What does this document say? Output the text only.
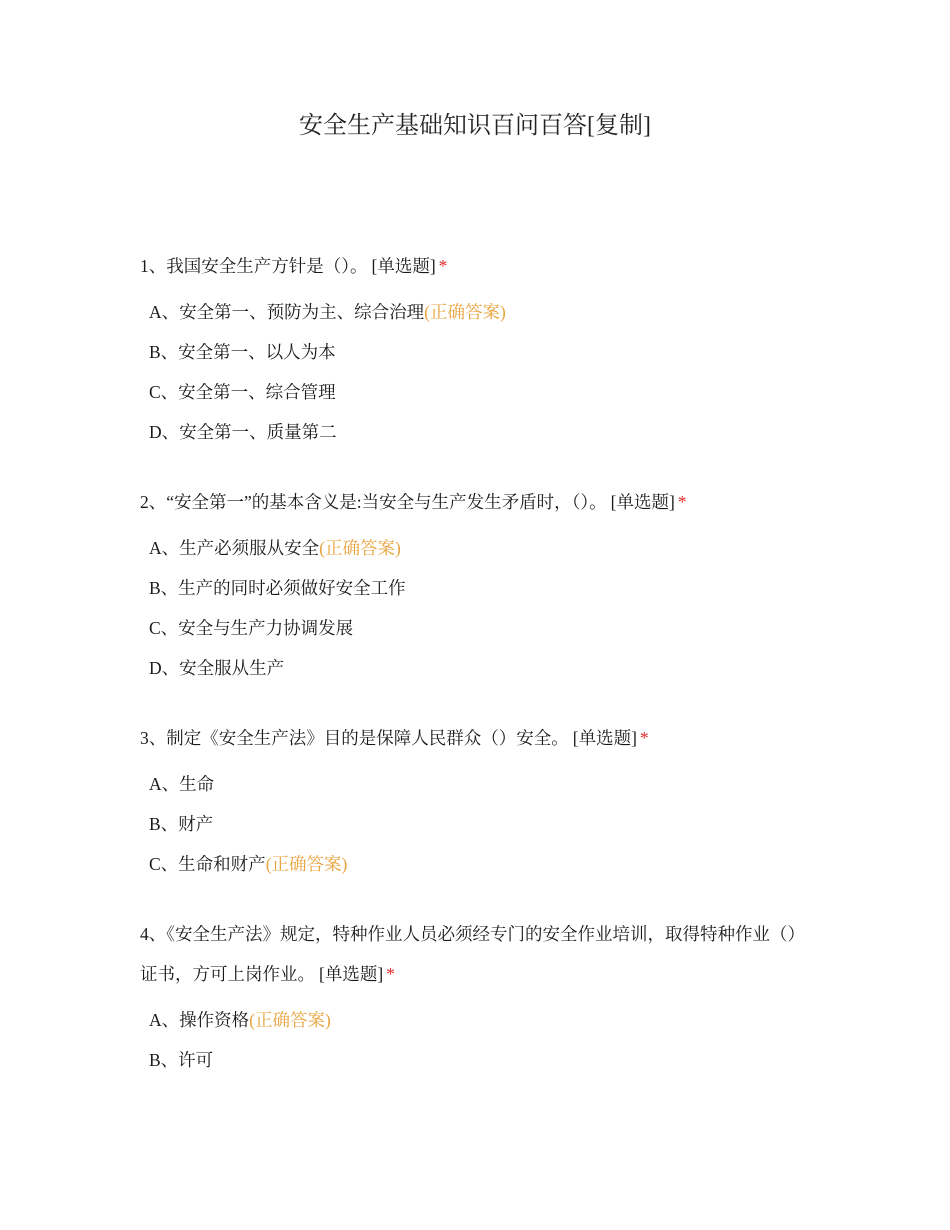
安全生产基础知识百问百答[复制]
1、我国安全生产方针是（）。 [单选题] *
A、安全第一、预防为主、综合治理(正确答案)
B、安全第一、以人为本
C、安全第一、综合管理
D、安全第一、质量第二
2、“安全第一”的基本含义是:当安全与生产发生矛盾时，（）。 [单选题] *
A、生产必须服从安全(正确答案)
B、生产的同时必须做好安全工作
C、安全与生产力协调发展
D、安全服从生产
3、制定《安全生产法》目的是保障人民群众（）安全。 [单选题] *
A、生命
B、财产
C、生命和财产(正确答案)
4、《安全生产法》规定，特种作业人员必须经专门的安全作业培训，取得特种作业（）证书，方可上岗作业。 [单选题] *
A、操作资格(正确答案)
B、许可
